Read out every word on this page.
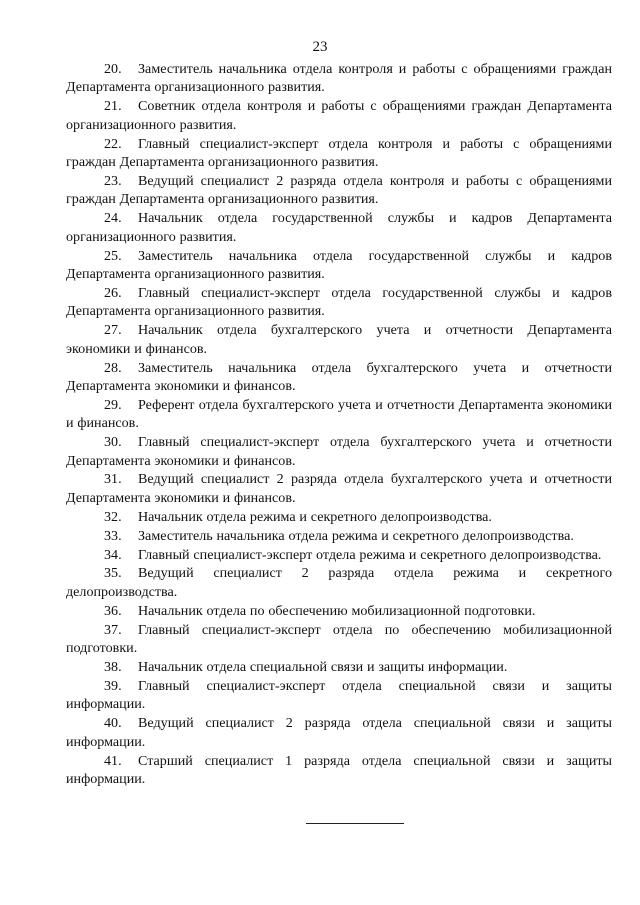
23
20. Заместитель начальника отдела контроля и работы с обращениями граждан Департамента организационного развития.
21. Советник отдела контроля и работы с обращениями граждан Департамента организационного развития.
22. Главный специалист-эксперт отдела контроля и работы с обращениями граждан Департамента организационного развития.
23. Ведущий специалист 2 разряда отдела контроля и работы с обращениями граждан Департамента организационного развития.
24. Начальник отдела государственной службы и кадров Департамента организационного развития.
25. Заместитель начальника отдела государственной службы и кадров Департамента организационного развития.
26. Главный специалист-эксперт отдела государственной службы и кадров Департамента организационного развития.
27. Начальник отдела бухгалтерского учета и отчетности Департамента экономики и финансов.
28. Заместитель начальника отдела бухгалтерского учета и отчетности Департамента экономики и финансов.
29. Референт отдела бухгалтерского учета и отчетности Департамента экономики и финансов.
30. Главный специалист-эксперт отдела бухгалтерского учета и отчетности Департамента экономики и финансов.
31. Ведущий специалист 2 разряда отдела бухгалтерского учета и отчетности Департамента экономики и финансов.
32. Начальник отдела режима и секретного делопроизводства.
33. Заместитель начальника отдела режима и секретного делопроизводства.
34. Главный специалист-эксперт отдела режима и секретного делопроизводства.
35. Ведущий специалист 2 разряда отдела режима и секретного делопроизводства.
36. Начальник отдела по обеспечению мобилизационной подготовки.
37. Главный специалист-эксперт отдела по обеспечению мобилизационной подготовки.
38. Начальник отдела специальной связи и защиты информации.
39. Главный специалист-эксперт отдела специальной связи и защиты информации.
40. Ведущий специалист 2 разряда отдела специальной связи и защиты информации.
41. Старший специалист 1 разряда отдела специальной связи и защиты информации.
